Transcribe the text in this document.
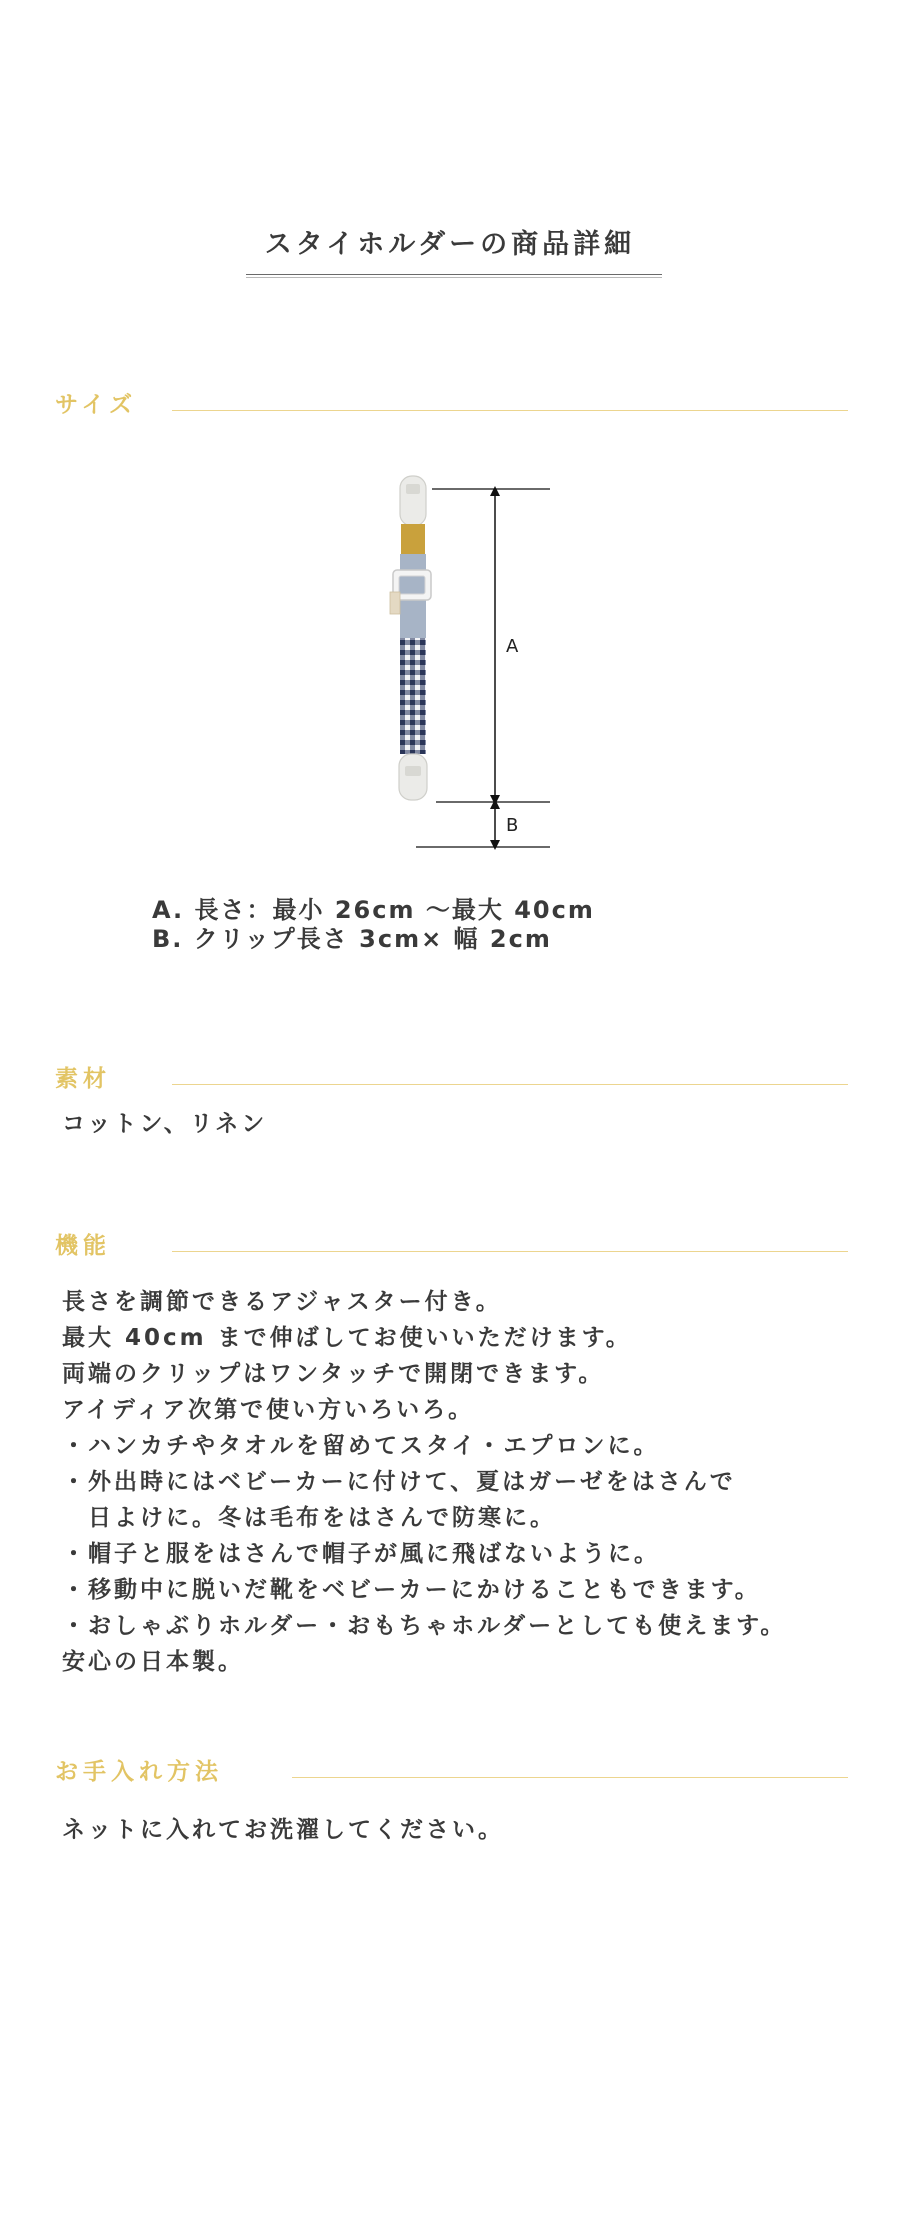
スタイホルダーの商品詳細
サイズ
A
B
A. 長さ：最小 26cm ～最大 40cm
B. クリップ長さ 3cm× 幅 2cm
素材
コットン、リネン
機能
長さを調節できるアジャスター付き。
最大 40cm まで伸ばしてお使いいただけます。
両端のクリップはワンタッチで開閉できます。
アイディア次第で使い方いろいろ。
・ハンカチやタオルを留めてスタイ・エプロンに。
・外出時にはベビーカーに付けて、夏はガーゼをはさんで
日よけに。冬は毛布をはさんで防寒に。
・帽子と服をはさんで帽子が風に飛ばないように。
・移動中に脱いだ靴をベビーカーにかけることもできます。
・おしゃぶりホルダー・おもちゃホルダーとしても使えます。
安心の日本製。
お手入れ方法
ネットに入れてお洗濯してください。
